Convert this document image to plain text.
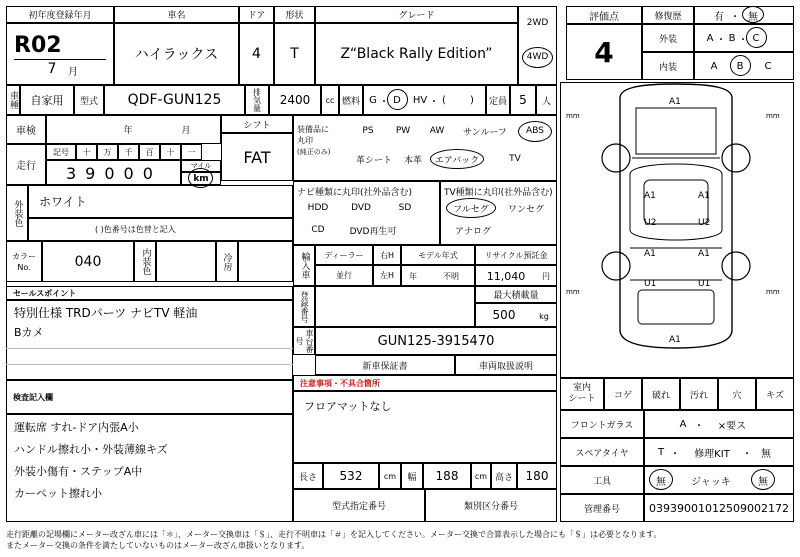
初年度登録年月
R02
7	月
車名
ハイラックス
ドア
4
形状
T
グレード
Z“Black Rally Edition”
2WD
4WD
車種	自家用	型式	QDF-GUN125	排気量	2400	cc 燃料 G ・ D	HV ・ ( )	定員	5	人
車検	年	月	シフト
FAT
装備品に
丸印
(純正のみ)
PS	PW	AW	サンルーフ	ABS
革シート	本革	エアバック	TV
走行
記号	十	万	千	百	十	一
マイル
km
39000
ナビ種類に丸印(社外品含む)
HDD	DVD	SD
CD	DVD再生可
TV種類に丸印(社外品含む)
フルセグ	ワンセグ
アナログ
外装色	ホワイト
( )色番号は色替と記入
カラー
No.	040	内装色	冷房	輸入車	ディーラー
並行
右H
左H
モデル年式
年	不明
リサイクル預託金
11,040	円
セールスポイント
特別仕様 TRDパーツ ナビTV 軽油
Bカメ
最大積載量
500	kg
登録番号
車台番号	GUN125-3915470
新車保証書	車両取扱説明
注意事項・不具合箇所
フロアマットなし
検査記入欄
運転席 すれ-ドア内張A小
ハンドル擦れ小・外装薄線キズ
外装小傷有・ステップA中
カーペット擦れ小
長さ	532	cm	幅	188	cm 高さ	180
型式指定番号	類別区分番号
評価点
4
修復歴	有 ・ 無
外装	A ・ B ・ C
内装	A B C
A1
A1	A1
U2	U2
A1	A1
U1	U1
A1
mm	mm
mm	mm
室内
シート	コゲ	破れ	汚れ	穴	キズ
フロントガラス	A ・	×要ス
スペアタイヤ	T ・	修理KIT	・ 無
工具	無	ジャッキ	無
管理番号	03939001012509002172
走行距離の記場欄にメーター改ざん車には「＊」、メーター交換車は「＄」、走行不明車は「＃」を記入してください。メーター交換で合算表示した場合にも「＄」は必要となります。
またメーター交換の条件を満たしていないものはメーター改ざん車扱いとなります。
